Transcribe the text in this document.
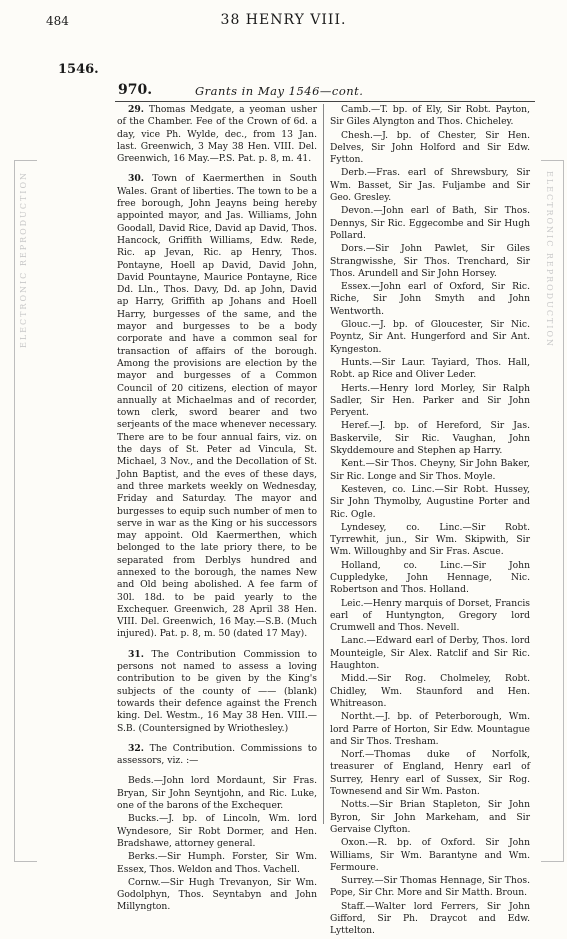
484	38 HENRY VIII.
1546.
970.	Grants in May 1546—cont.
ELECTRONIC REPRODUCTION	ELECTRONIC REPRODUCTION

29. Thomas Medgate, a yeoman usher of the Chamber. Fee of the Crown of 6d. a day, vice Ph. Wylde, dec., from 13 Jan. last. Greenwich, 3 May 38 Hen. VIII. Del. Greenwich, 16 May.—P.S. Pat. p. 8, m. 41.

30. Town of Kaermerthen in South Wales. Grant of liberties. The town to be a free borough, John Jeayns being hereby appointed mayor, and Jas. Williams, John Goodall, David Rice, David ap David, Thos. Hancock, Griffith Williams, Edw. Rede, Ric. ap Jevan, Ric. ap Henry, Thos. Pontayne, Hoell ap David, David John, David Pountayne, Maurice Pontayne, Rice Dd. Lln., Thos. Davy, Dd. ap John, David ap Harry, Griffith ap Johans and Hoell Harry, burgesses of the same, and the mayor and burgesses to be a body corporate and have a common seal for transaction of affairs of the borough. Among the provisions are election by the mayor and burgesses of a Common Council of 20 citizens, election of mayor annually at Michaelmas and of recorder, town clerk, sword bearer and two serjeants of the mace whenever necessary. There are to be four annual fairs, viz. on the days of St. Peter ad Vincula, St. Michael, 3 Nov., and the Decollation of St. John Baptist, and the eves of these days, and three markets weekly on Wednesday, Friday and Saturday. The mayor and burgesses to equip such number of men to serve in war as the King or his successors may appoint. Old Kaermerthen, which belonged to the late priory there, to be separated from Derblys hundred and annexed to the borough, the names New and Old being abolished. A fee farm of 30l. 18d. to be paid yearly to the Exchequer. Greenwich, 28 April 38 Hen. VIII. Del. Greenwich, 16 May.—S.B. (Much injured). Pat. p. 8, m. 50 (dated 17 May).

31. The Contribution Commission to persons not named to assess a loving contribution to be given by the King's subjects of the county of —— (blank) towards their defence against the French king. Del. Westm., 16 May 38 Hen. VIII.—S.B. (Countersigned by Wriothesley.)

32. The Contribution. Commissions to assessors, viz. :—

Beds.—John lord Mordaunt, Sir Fras. Bryan, Sir John Seyntjohn, and Ric. Luke, one of the barons of the Exchequer.

Bucks.—J. bp. of Lincoln, Wm. lord Wyndesore, Sir Robt Dormer, and Hen. Bradshawe, attorney general.

Berks.—Sir Humph. Forster, Sir Wm. Essex, Thos. Weldon and Thos. Vachell.

Cornw.—Sir Hugh Trevanyon, Sir Wm. Godolphyn, Thos. Seyntabyn and John Millyngton.

Camb.—T. bp. of Ely, Sir Robt. Payton, Sir Giles Alyngton and Thos. Chicheley.

Chesh.—J. bp. of Chester, Sir Hen. Delves, Sir John Holford and Sir Edw. Fytton.

Derb.—Fras. earl of Shrewsbury, Sir Wm. Basset, Sir Jas. Fuljambe and Sir Geo. Gresley.

Devon.—John earl of Bath, Sir Thos. Dennys, Sir Ric. Eggecombe and Sir Hugh Pollard.

Dors.—Sir John Pawlet, Sir Giles Strangwisshe, Sir Thos. Trenchard, Sir Thos. Arundell and Sir John Horsey.

Essex.—John earl of Oxford, Sir Ric. Riche, Sir John Smyth and John Wentworth.

Glouc.—J. bp. of Gloucester, Sir Nic. Poyntz, Sir Ant. Hungerford and Sir Ant. Kyngeston.

Hunts.—Sir Laur. Tayiard, Thos. Hall, Robt. ap Rice and Oliver Leder.

Herts.—Henry lord Morley, Sir Ralph Sadler, Sir Hen. Parker and Sir John Peryent.

Heref.—J. bp. of Hereford, Sir Jas. Baskervile, Sir Ric. Vaughan, John Skyddemoure and Stephen ap Harry.

Kent.—Sir Thos. Cheyny, Sir John Baker, Sir Ric. Longe and Sir Thos. Moyle.

Kesteven, co. Linc.—Sir Robt. Hussey, Sir John Thymolby, Augustine Porter and Ric. Ogle.

Lyndesey, co. Linc.—Sir Robt. Tyrrewhit, jun., Sir Wm. Skipwith, Sir Wm. Willoughby and Sir Fras. Ascue.

Holland, co. Linc.—Sir John Cuppledyke, John Hennage, Nic. Robertson and Thos. Holland.

Leic.—Henry marquis of Dorset, Francis earl of Huntyngton, Gregory lord Crumwell and Thos. Nevell.

Lanc.—Edward earl of Derby, Thos. lord Mounteigle, Sir Alex. Ratclif and Sir Ric. Haughton.

Midd.—Sir Rog. Cholmeley, Robt. Chidley, Wm. Staunford and Hen. Whitreason.

Northt.—J. bp. of Peterborough, Wm. lord Parre of Horton, Sir Edw. Mountague and Sir Thos. Tresham.

Norf.—Thomas duke of Norfolk, treasurer of England, Henry earl of Surrey, Henry earl of Sussex, Sir Rog. Townesend and Sir Wm. Paston.

Notts.—Sir Brian Stapleton, Sir John Byron, Sir John Markeham, and Sir Gervaise Clyfton.

Oxon.—R. bp. of Oxford. Sir John Williams, Sir Wm. Barantyne and Wm. Fermoure.

Surrey.—Sir Thomas Hennage, Sir Thos. Pope, Sir Chr. More and Sir Matth. Broun.

Staff.—Walter lord Ferrers, Sir John Gifford, Sir Ph. Draycot and Edw. Lyttelton.
